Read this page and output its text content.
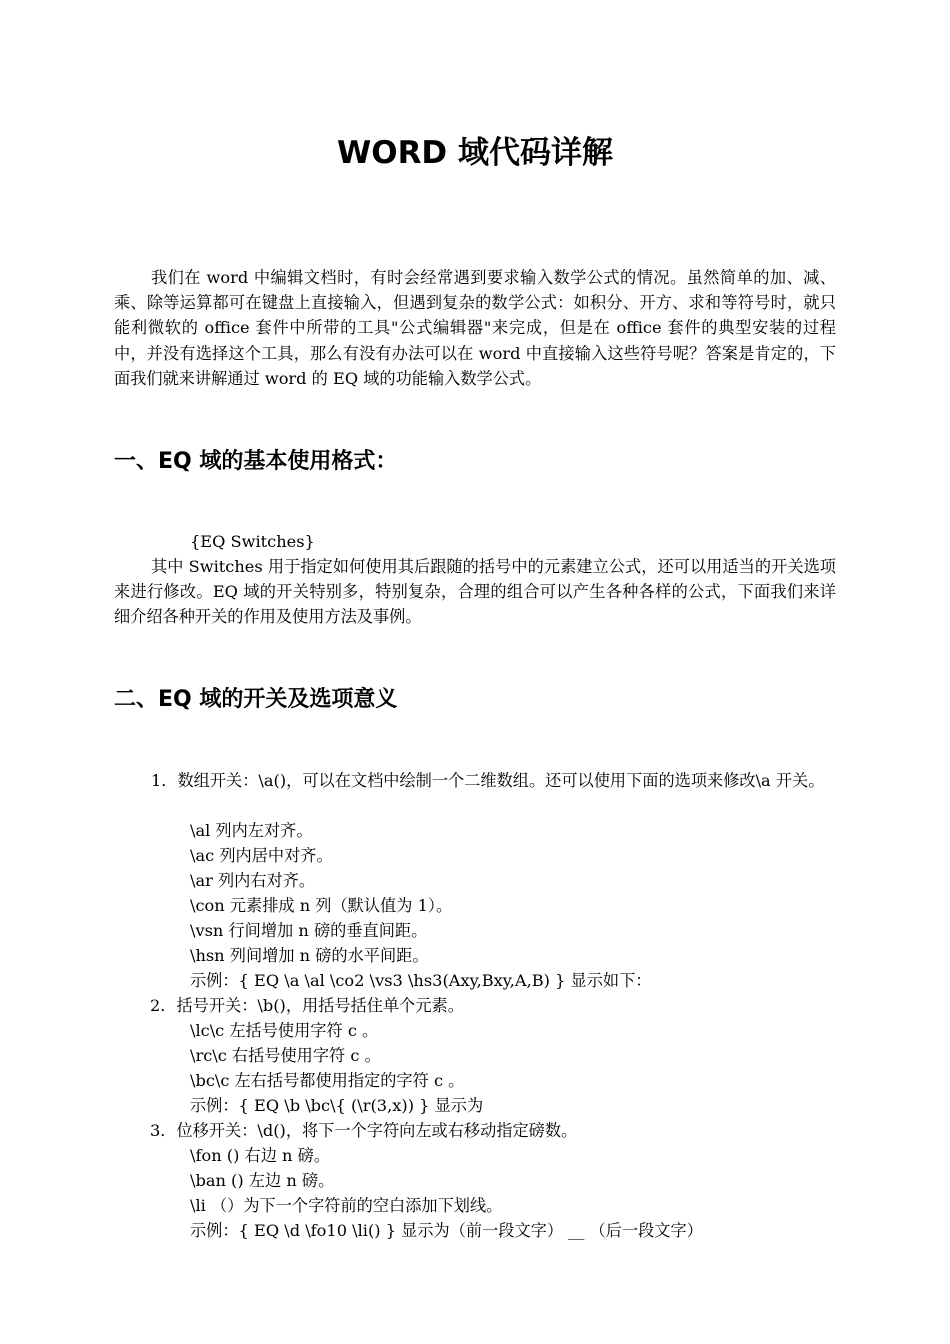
WORD 域代码详解
我们在 word 中编辑文档时，有时会经常遇到要求输入数学公式的情况。虽然简单的加、减、乘、除等运算都可在键盘上直接输入，但遇到复杂的数学公式：如积分、开方、求和等符号时，就只能利微软的 office 套件中所带的工具"公式编辑器"来完成，但是在 office 套件的典型安装的过程中，并没有选择这个工具，那么有没有办法可以在 word 中直接输入这些符号呢？答案是肯定的，下面我们就来讲解通过 word 的 EQ 域的功能输入数学公式。
一、EQ 域的基本使用格式：
{EQ Switches}
其中 Switches 用于指定如何使用其后跟随的括号中的元素建立公式，还可以用适当的开关选项来进行修改。EQ 域的开关特别多，特别复杂，合理的组合可以产生各种各样的公式，下面我们来详细介绍各种开关的作用及使用方法及事例。
二、EQ 域的开关及选项意义
1．数组开关：\a()，可以在文档中绘制一个二维数组。还可以使用下面的选项来修改\a 开关。
\al 列内左对齐。
\ac 列内居中对齐。
\ar 列内右对齐。
\con 元素排成 n 列（默认值为 1）。
\vsn 行间增加 n 磅的垂直间距。
\hsn 列间增加 n 磅的水平间距。
示例：{ EQ \a \al \co2 \vs3 \hs3(Axy,Bxy,A,B) } 显示如下：
2．括号开关：\b()，用括号括住单个元素。
\lc\c 左括号使用字符 c 。
\rc\c 右括号使用字符 c 。
\bc\c 左右括号都使用指定的字符 c 。
示例：{ EQ \b \bc\{ (\r(3,x)) } 显示为
3．位移开关：\d()，将下一个字符向左或右移动指定磅数。
\fon () 右边 n 磅。
\ban () 左边 n 磅。
\li （）为下一个字符前的空白添加下划线。
示例：{ EQ \d \fo10 \li() } 显示为（前一段文字） __ （后一段文字）
